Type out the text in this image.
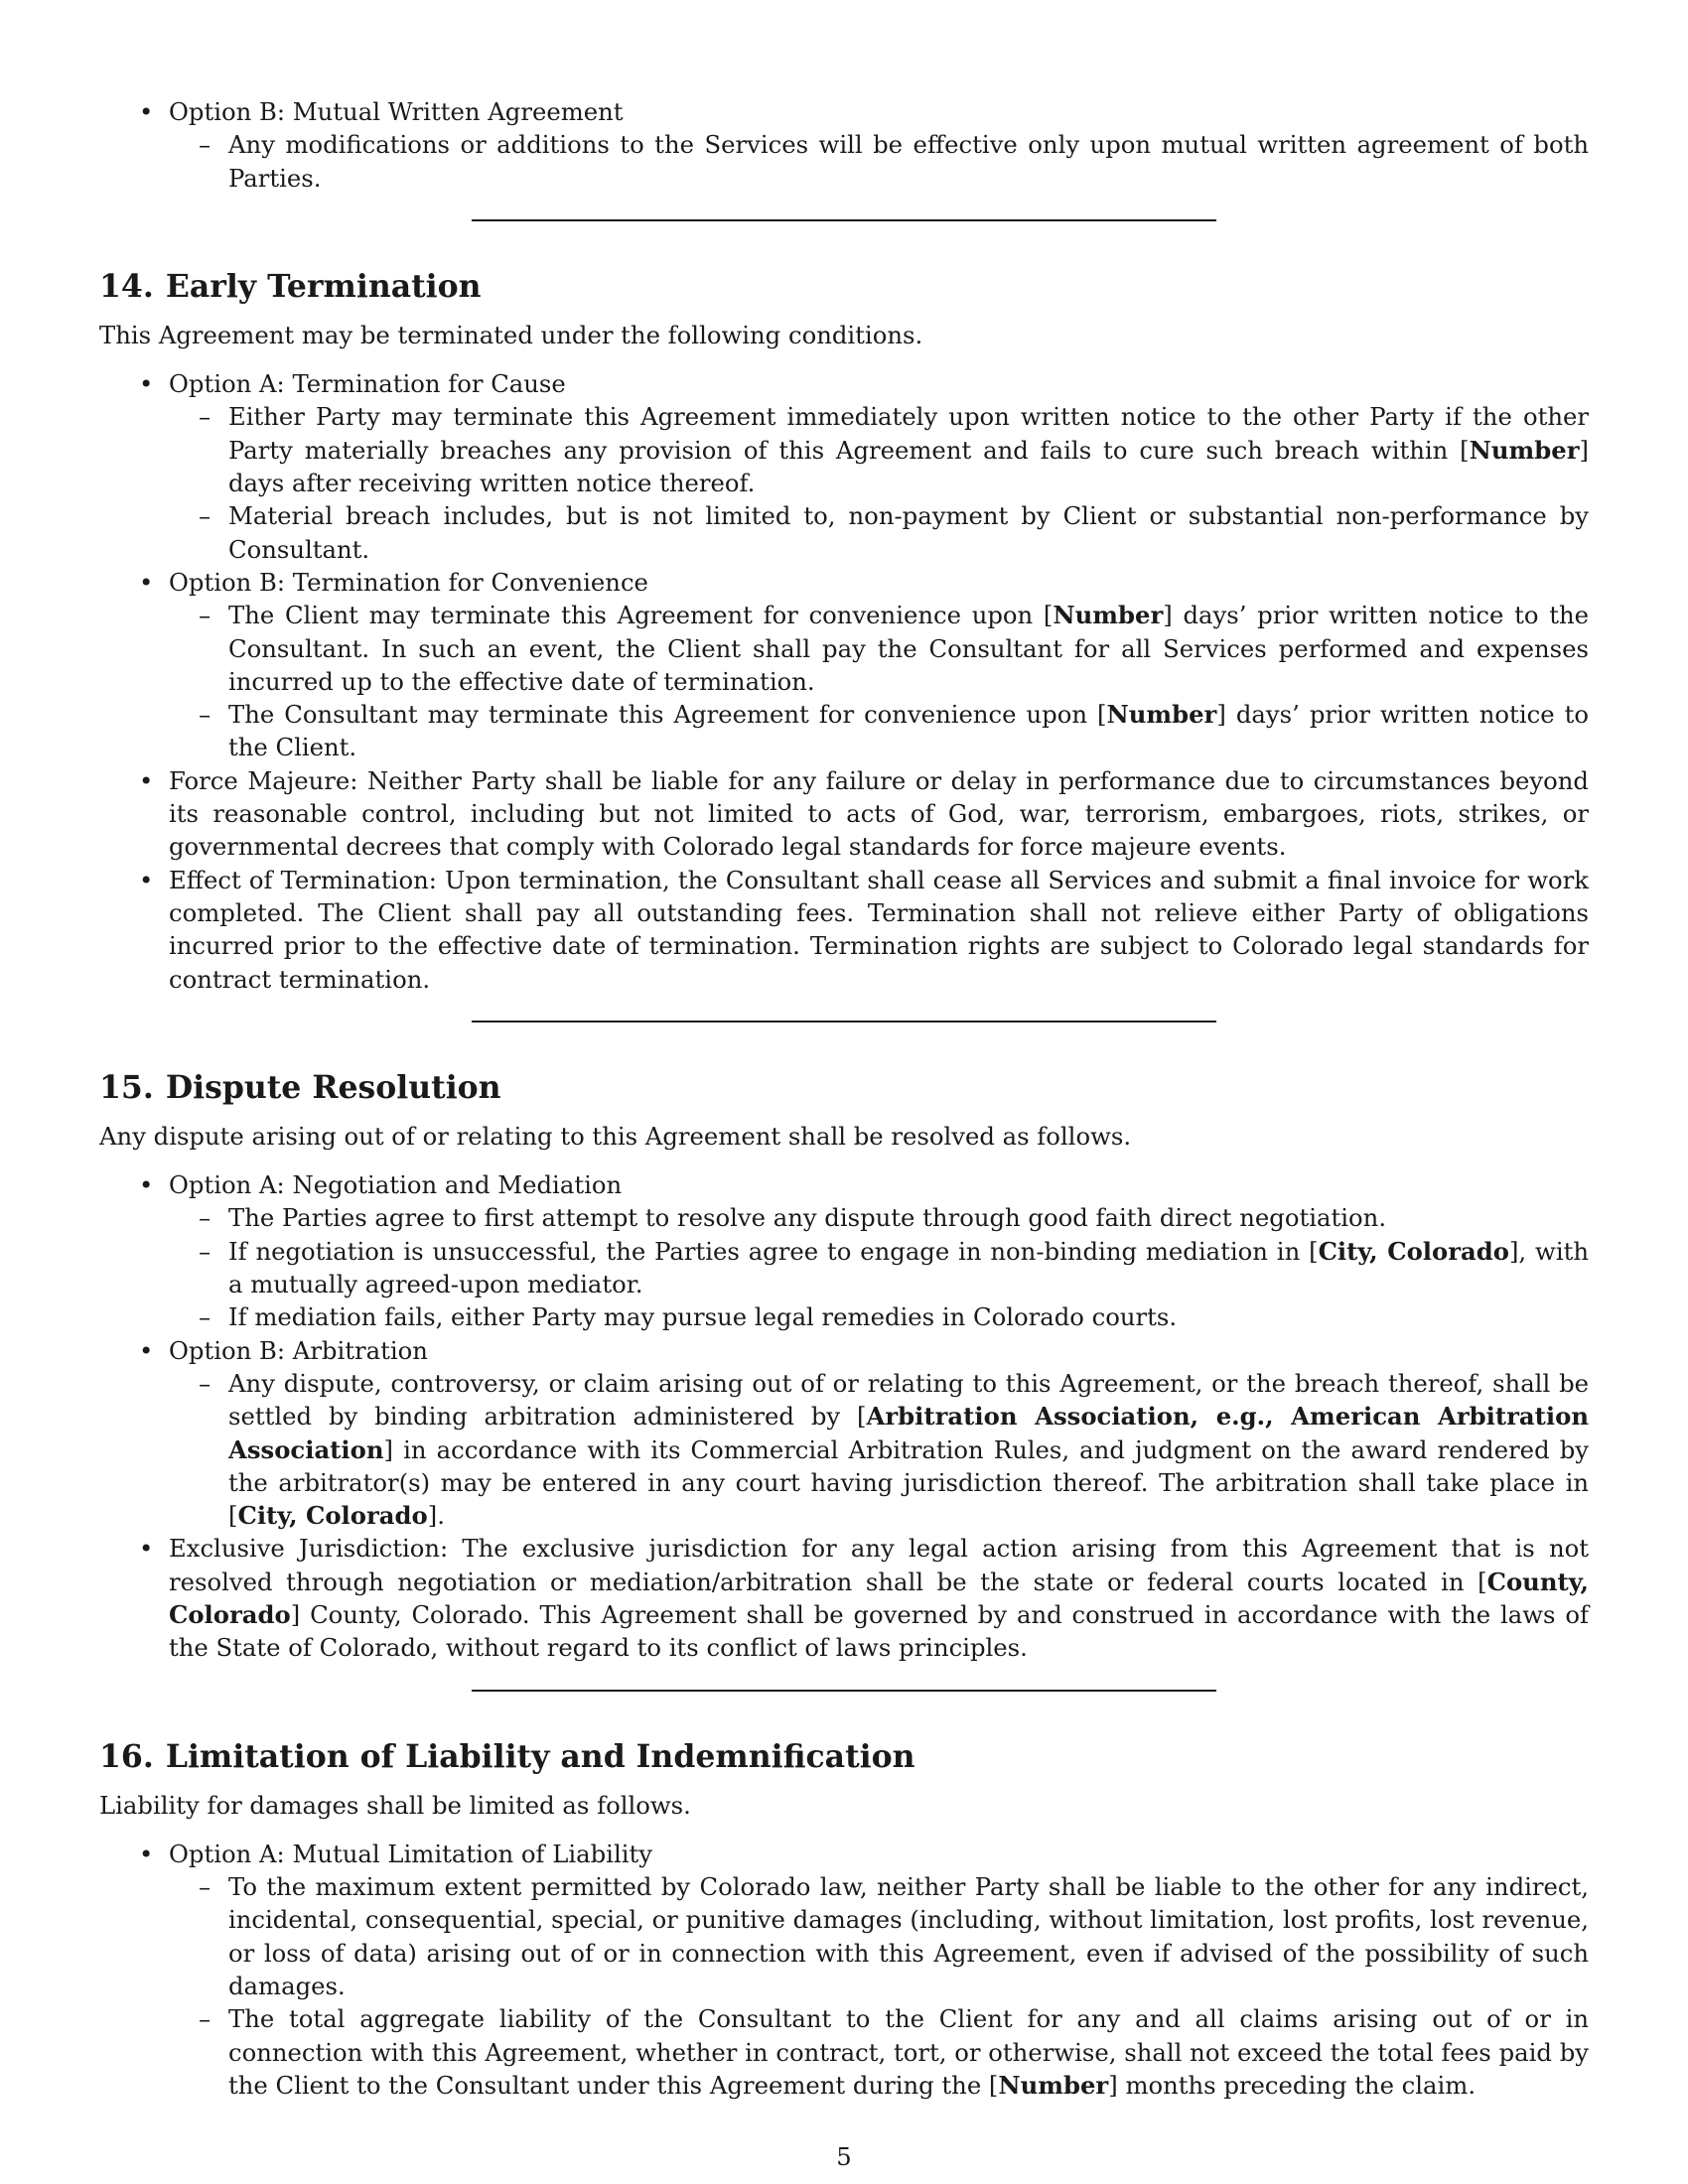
• Option B: Mutual Written Agreement
– Any modifications or additions to the Services will be effective only upon mutual written agreement of both Parties.
14. Early Termination

This Agreement may be terminated under the following conditions.

• Option A: Termination for Cause
– Either Party may terminate this Agreement immediately upon written notice to the other Party if the other Party materially breaches any provision of this Agreement and fails to cure such breach within [Number] days after receiving written notice thereof.
– Material breach includes, but is not limited to, non-payment by Client or substantial non-performance by Consultant.
• Option B: Termination for Convenience
– The Client may terminate this Agreement for convenience upon [Number] days’ prior written notice to the Consultant. In such an event, the Client shall pay the Consultant for all Services performed and expenses incurred up to the effective date of termination.
– The Consultant may terminate this Agreement for convenience upon [Number] days’ prior written notice to the Client.
• Force Majeure: Neither Party shall be liable for any failure or delay in performance due to circumstances beyond its reasonable control, including but not limited to acts of God, war, terrorism, embargoes, riots, strikes, or governmental decrees that comply with Colorado legal standards for force majeure events.
• Effect of Termination: Upon termination, the Consultant shall cease all Services and submit a final invoice for work completed. The Client shall pay all outstanding fees. Termination shall not relieve either Party of obligations incurred prior to the effective date of termination. Termination rights are subject to Colorado legal standards for contract termination.
15. Dispute Resolution

Any dispute arising out of or relating to this Agreement shall be resolved as follows.

• Option A: Negotiation and Mediation
– The Parties agree to first attempt to resolve any dispute through good faith direct negotiation.
– If negotiation is unsuccessful, the Parties agree to engage in non-binding mediation in [City, Colorado], with a mutually agreed-upon mediator.
– If mediation fails, either Party may pursue legal remedies in Colorado courts.
• Option B: Arbitration
– Any dispute, controversy, or claim arising out of or relating to this Agreement, or the breach thereof, shall be settled by binding arbitration administered by [Arbitration Association, e.g., American Arbitration Association] in accordance with its Commercial Arbitration Rules, and judgment on the award rendered by the arbitrator(s) may be entered in any court having jurisdiction thereof. The arbitration shall take place in [City, Colorado].
• Exclusive Jurisdiction: The exclusive jurisdiction for any legal action arising from this Agreement that is not resolved through negotiation or mediation/arbitration shall be the state or federal courts located in [County, Colorado] County, Colorado. This Agreement shall be governed by and construed in accordance with the laws of the State of Colorado, without regard to its conflict of laws principles.
16. Limitation of Liability and Indemnification

Liability for damages shall be limited as follows.

• Option A: Mutual Limitation of Liability
– To the maximum extent permitted by Colorado law, neither Party shall be liable to the other for any indirect, incidental, consequential, special, or punitive damages (including, without limitation, lost profits, lost revenue, or loss of data) arising out of or in connection with this Agreement, even if advised of the possibility of such damages.
– The total aggregate liability of the Consultant to the Client for any and all claims arising out of or in connection with this Agreement, whether in contract, tort, or otherwise, shall not exceed the total fees paid by the Client to the Consultant under this Agreement during the [Number] months preceding the claim.
5
